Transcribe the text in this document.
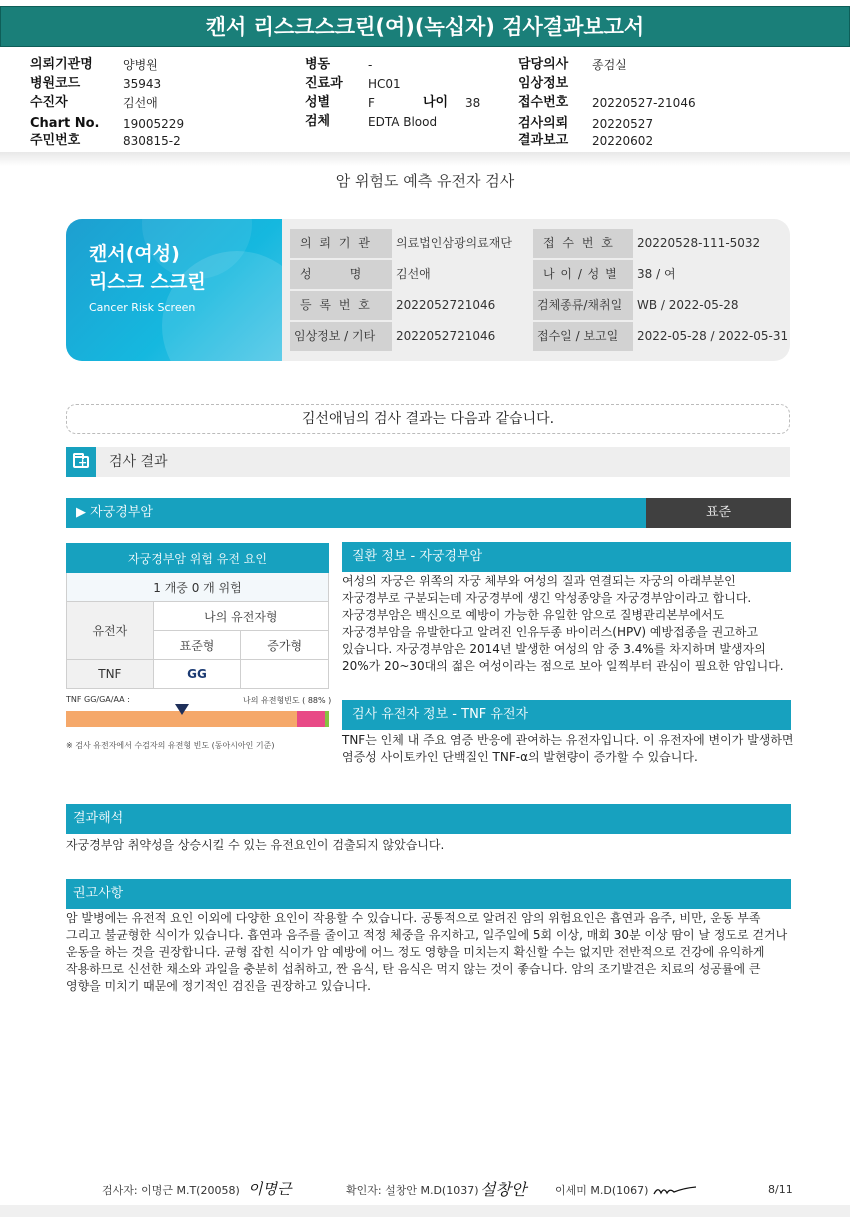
캔서 리스크스크린(여)(녹십자) 검사결과보고서
의뢰기관명	양병원
병원코드	35943
수진자	김선애
Chart No. 19005229
주민번호	830815-2
병동	-
진료과 HC01
성별	F	나이 38
검체	EDTA Blood
담당의사 종검실
임상정보
접수번호 20220527-21046
검사의뢰 20220527
결과보고 20220602
암 위험도 예측 유전자 검사
캔서(여성)
리스크 스크린
Cancer Risk Screen
의 뢰 기 관	의료법인삼광의료재단
성          명	김선애
등 록 번 호	2022052721046
임상정보 / 기타	2022052721046
접 수 번 호	20220528-111-5032
나 이 / 성 별	38 / 여
검체종류/채취일	WB / 2022-05-28
접수일 / 보고일	2022-05-28 / 2022-05-31
김선애님의 검사 결과는 다음과 같습니다.
+ 검사 결과
▶ 자궁경부암	표준
자궁경부암 위험 유전 요인		
1 개중 0 개 위험		
유전자	나의 유전자형	
	표준형	증가형
TNF	GG	
TNF GG/GA/AA :	나의 유전형빈도 ( 88% )
※ 검사 유전자에서 수검자의 유전형 빈도 (동아시아인 기준)
질환 정보 - 자궁경부암
여성의 자궁은 위쪽의 자궁 체부와 여성의 질과 연결되는 자궁의 아래부분인
자궁경부로 구분되는데 자궁경부에 생긴 악성종양을 자궁경부암이라고 합니다.
자궁경부암은 백신으로 예방이 가능한 유일한 암으로 질병관리본부에서도
자궁경부암을 유발한다고 알려진 인유두종 바이러스(HPV) 예방접종을 권고하고
있습니다. 자궁경부암은 2014년 발생한 여성의 암 중 3.4%를 차지하며 발생자의
20%가 20~30대의 젊은 여성이라는 점으로 보아 일찍부터 관심이 필요한 암입니다.
검사 유전자 정보 - TNF 유전자
TNF는 인체 내 주요 염증 반응에 관여하는 유전자입니다. 이 유전자에 변이가 발생하면
염증성 사이토카인 단백질인 TNF-α의 발현량이 증가할 수 있습니다.
결과해석
자궁경부암 취약성을 상승시킬 수 있는 유전요인이 검출되지 않았습니다.
권고사항
암 발병에는 유전적 요인 이외에 다양한 요인이 작용할 수 있습니다. 공통적으로 알려진 암의 위험요인은 흡연과 음주, 비만, 운동 부족
그리고 불균형한 식이가 있습니다. 흡연과 음주를 줄이고 적정 체중을 유지하고, 일주일에 5회 이상, 매회 30분 이상 땀이 날 정도로 걷거나
운동을 하는 것을 권장합니다. 균형 잡힌 식이가 암 예방에 어느 정도 영향을 미치는지 확신할 수는 없지만 전반적으로 건강에 유익하게
작용하므로 신선한 채소와 과일을 충분히 섭취하고, 짠 음식, 탄 음식은 먹지 않는 것이 좋습니다. 암의 조기발견은 치료의 성공률에 큰
영향을 미치기 때문에 정기적인 검진을 권장하고 있습니다.
검사자: 이명근 M.T(20058) 이명근	확인자: 설창안 M.D(1037) 설창안	이세미 M.D(1067)	8/11
